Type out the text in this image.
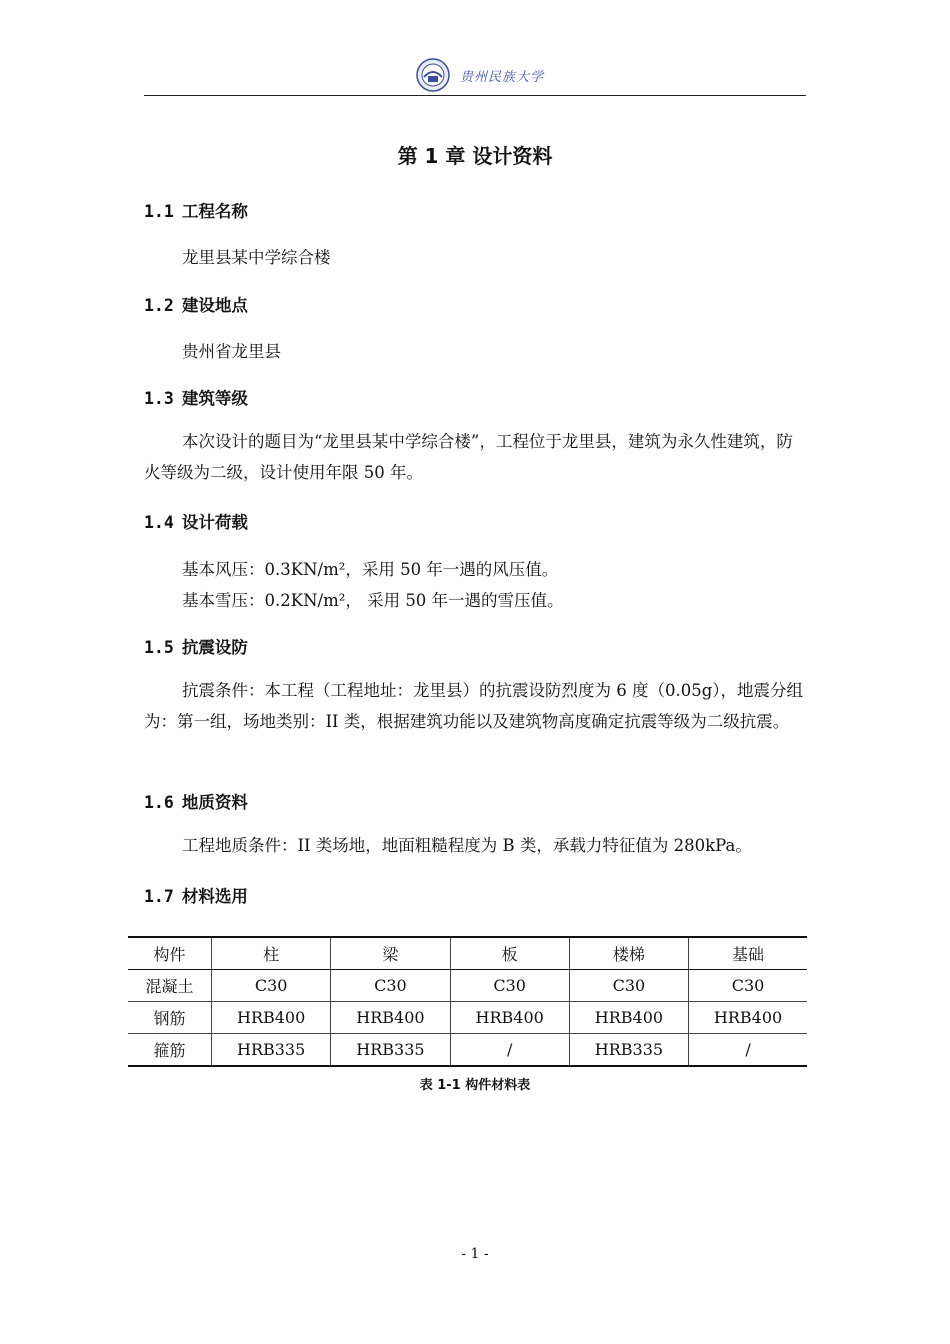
贵州民族大学
第 1 章 设计资料
1.1 工程名称
龙里县某中学综合楼
1.2 建设地点
贵州省龙里县
1.3 建筑等级
本次设计的题目为“龙里县某中学综合楼”，工程位于龙里县，建筑为永久性建筑，防火等级为二级，设计使用年限 50 年。
1.4 设计荷载
基本风压：0.3KN/m²，采用 50 年一遇的风压值。
基本雪压：0.2KN/m²， 采用 50 年一遇的雪压值。
1.5 抗震设防
抗震条件：本工程（工程地址：龙里县）的抗震设防烈度为 6 度（0.05g），地震分组为：第一组，场地类别：II 类，根据建筑功能以及建筑物高度确定抗震等级为二级抗震。
1.6 地质资料
工程地质条件：II 类场地，地面粗糙程度为 B 类，承载力特征值为 280kPa。
1.7 材料选用
构件	柱	梁	板	楼梯	基础
混凝土	C30	C30	C30	C30	C30
钢筋	HRB400	HRB400	HRB400	HRB400	HRB400
箍筋	HRB335	HRB335	/	HRB335	/
表 1-1 构件材料表
- 1 -
